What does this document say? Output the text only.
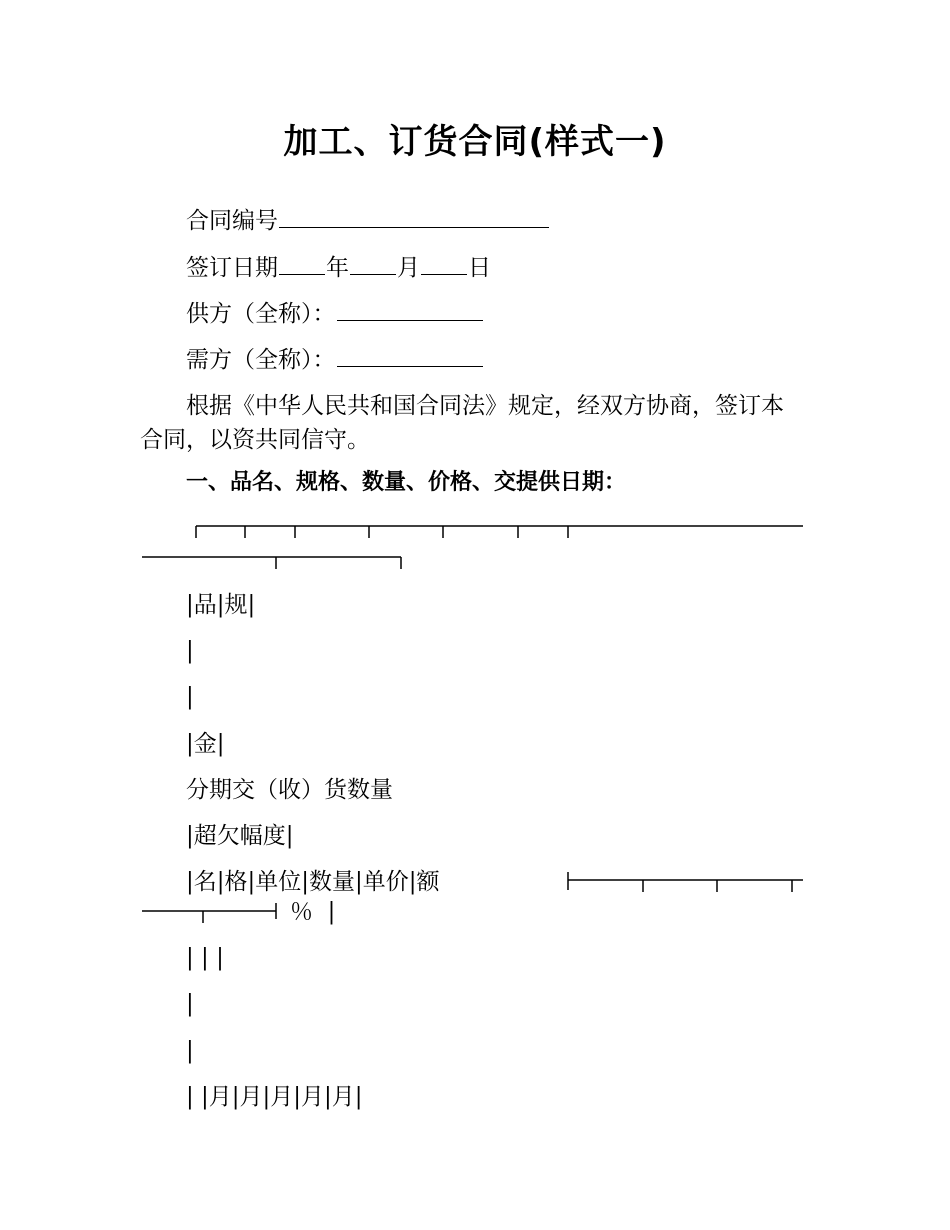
加工、订货合同(样式一)
合同编号
签订日期 年 月 日
供方（全称）：
需方（全称）：
根据《中华人民共和国合同法》规定，经双方协商，签订本合同，以资共同信守。
一、品名、规格、数量、价格、交提供日期：
|品|规|
|
|
|金|
分期交（收）货数量
|超欠幅度|
|名|格|单位|数量|单价|额
％  |
| | |
|
|
| |月|月|月|月|月|
